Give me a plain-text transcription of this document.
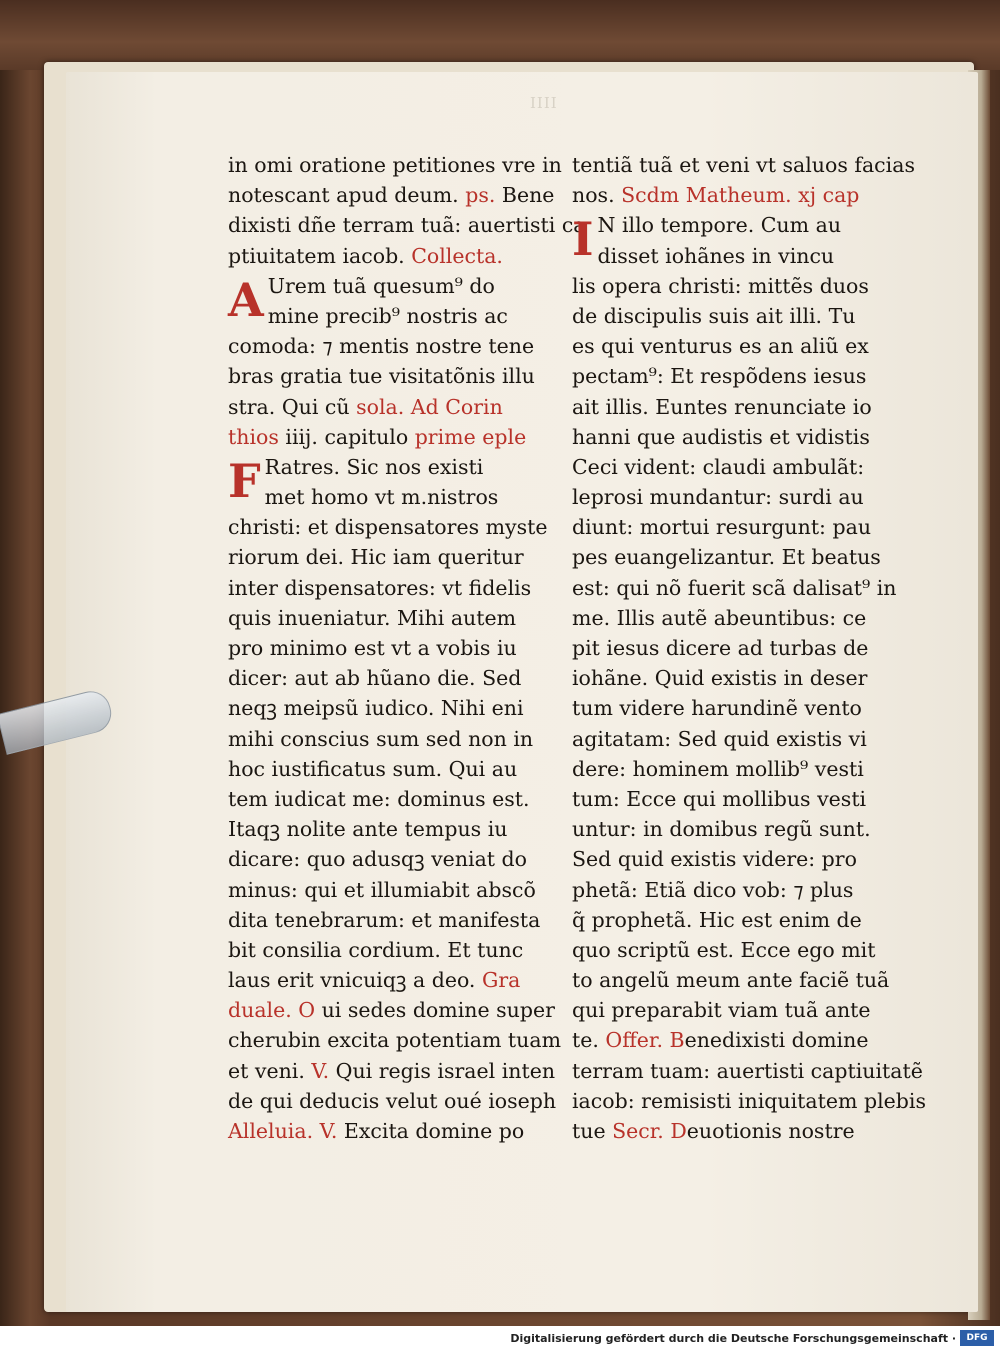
IIII
in omi oratione petitiones vre in
notescant apud deum. ps. Bene
dixisti dñe terram tuã: auertisti ca
ptiuitatem iacob. Collecta.
A Urem tuã quesum⁹ do
mine precib⁹ nostris ac
comoda: ⁊ mentis nostre tene
bras gratia tue visitatõnis illu
stra. Qui cũ sola. Ad Corin
thios iiij. capitulo prime eple
F Ratres. Sic nos existi
met homo vt m.nistros
christi: et dispensatores myste
riorum dei. Hic iam queritur
inter dispensatores: vt fidelis
quis inueniatur. Mihi autem
pro minimo est vt a vobis iu
dicer: aut ab hũano die. Sed
neqꝫ meipsũ iudico. Nihi eni
mihi conscius sum sed non in
hoc iustificatus sum. Qui au
tem iudicat me: dominus est.
Itaqꝫ nolite ante tempus iu
dicare: quo adusqꝫ veniat do
minus: qui et illumiabit abscõ
dita tenebrarum: et manifesta
bit consilia cordium. Et tunc
laus erit vnicuiqꝫ a deo. Gra
duale. O ui sedes domine super
cherubin excita potentiam tuam
et veni. V. Qui regis israel inten
de qui deducis velut oué ioseph
Alleluia. V. Excita domine po
tentiã tuã et veni vt saluos facias
nos. Scdm Matheum. xj cap
I N illo tempore. Cum au
disset iohãnes in vincu
lis opera christi: mittẽs duos
de discipulis suis ait illi. Tu
es qui venturus es an aliũ ex
pectam⁹: Et respõdens iesus
ait illis. Euntes renunciate io
hanni que audistis et vidistis
Ceci vident: claudi ambulãt:
leprosi mundantur: surdi au
diunt: mortui resurgunt: pau
pes euangelizantur. Et beatus
est: qui nõ fuerit scã dalisat⁹ in
me. Illis autẽ abeuntibus: ce
pit iesus dicere ad turbas de
iohãne. Quid existis in deser
tum videre harundinẽ vento
agitatam: Sed quid existis vi
dere: hominem mollib⁹ vesti
tum: Ecce qui mollibus vesti
untur: in domibus regũ sunt.
Sed quid existis videre: pro
phetã: Etiã dico vob: ⁊ plus
q̃ prophetã. Hic est enim de
quo scriptũ est. Ecce ego mit
to angelũ meum ante faciẽ tuã
qui preparabit viam tuã ante
te. Offer. Benedixisti domine
terram tuam: auertisti captiuitatẽ
iacob: remisisti iniquitatem plebis
tue Secr. Deuotionis nostre
Digitalisierung gefördert durch die Deutsche Forschungsgemeinschaft ·	DFG
